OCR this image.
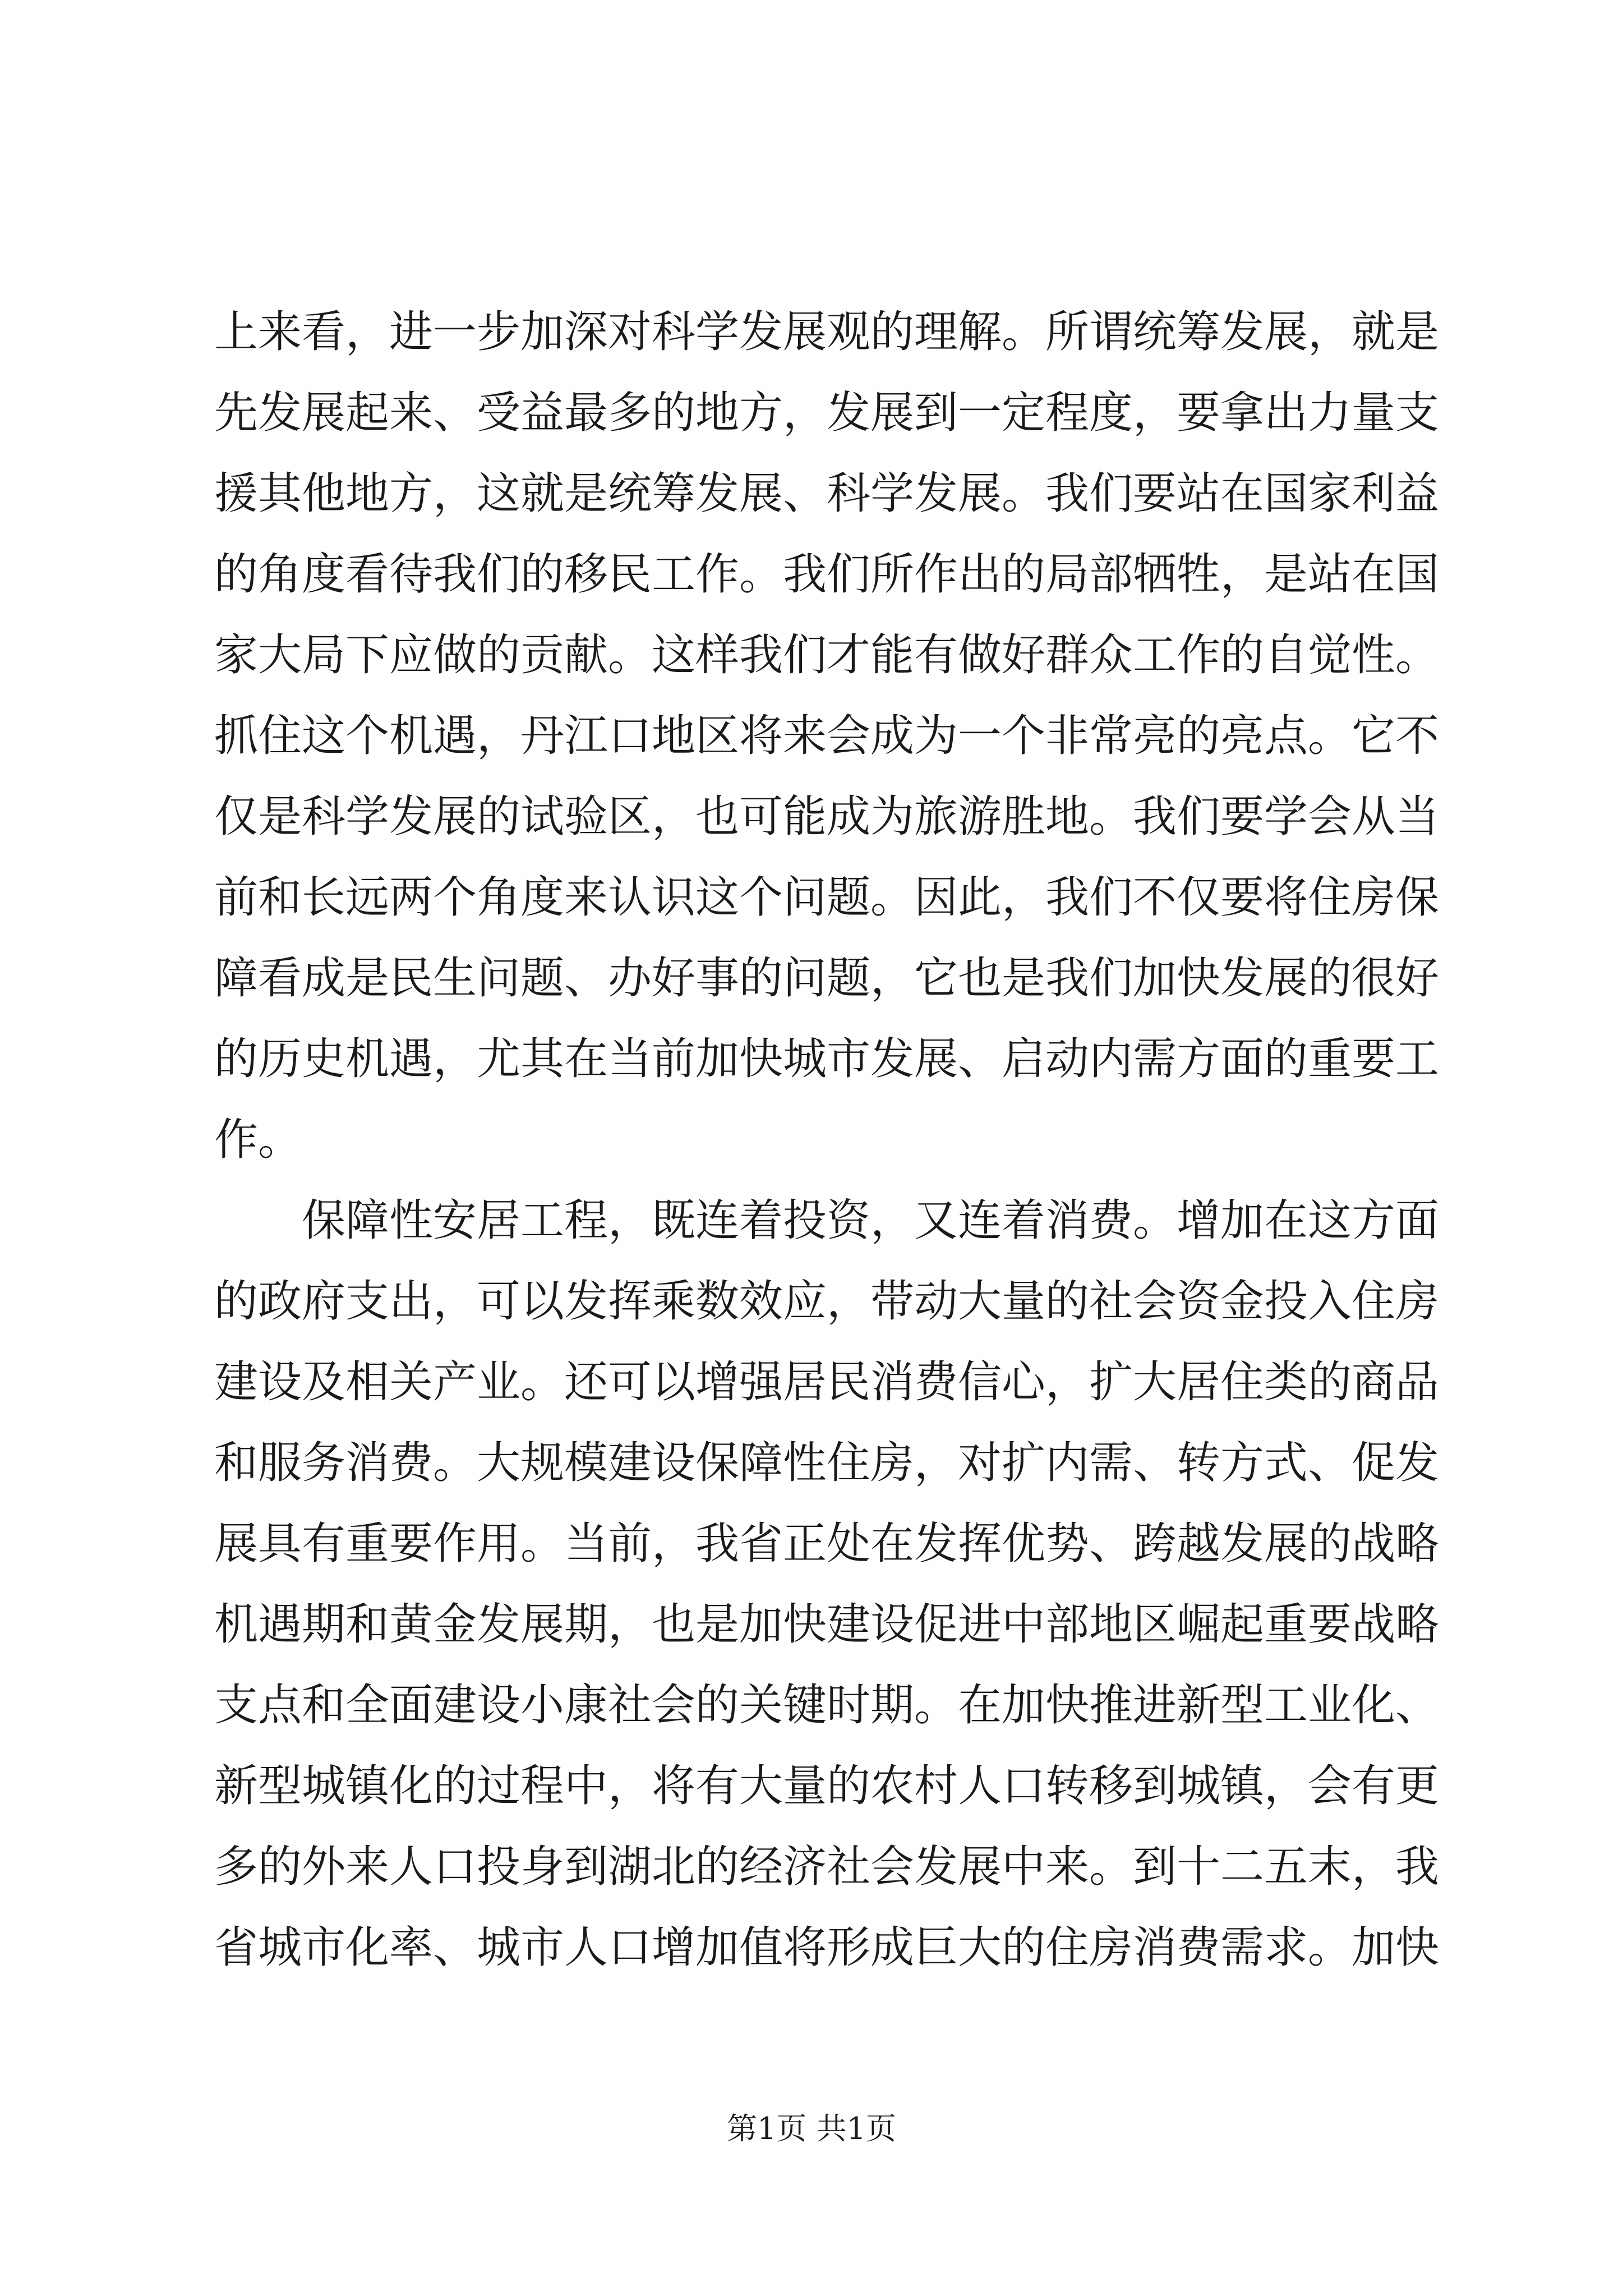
上来看，进一步加深对科学发展观的理解。所谓统筹发展，就是
先发展起来、受益最多的地方，发展到一定程度，要拿出力量支
援其他地方，这就是统筹发展、科学发展。我们要站在国家利益
的角度看待我们的移民工作。我们所作出的局部牺牲，是站在国
家大局下应做的贡献。这样我们才能有做好群众工作的自觉性。
抓住这个机遇，丹江口地区将来会成为一个非常亮的亮点。它不
仅是科学发展的试验区，也可能成为旅游胜地。我们要学会从当
前和长远两个角度来认识这个问题。因此，我们不仅要将住房保
障看成是民生问题、办好事的问题，它也是我们加快发展的很好
的历史机遇，尤其在当前加快城市发展、启动内需方面的重要工
作。
保障性安居工程，既连着投资，又连着消费。增加在这方面
的政府支出，可以发挥乘数效应，带动大量的社会资金投入住房
建设及相关产业。还可以增强居民消费信心，扩大居住类的商品
和服务消费。大规模建设保障性住房，对扩内需、转方式、促发
展具有重要作用。当前，我省正处在发挥优势、跨越发展的战略
机遇期和黄金发展期，也是加快建设促进中部地区崛起重要战略
支点和全面建设小康社会的关键时期。在加快推进新型工业化、
新型城镇化的过程中，将有大量的农村人口转移到城镇，会有更
多的外来人口投身到湖北的经济社会发展中来。到十二五末，我
省城市化率、城市人口增加值将形成巨大的住房消费需求。加快
第1页 共1页
